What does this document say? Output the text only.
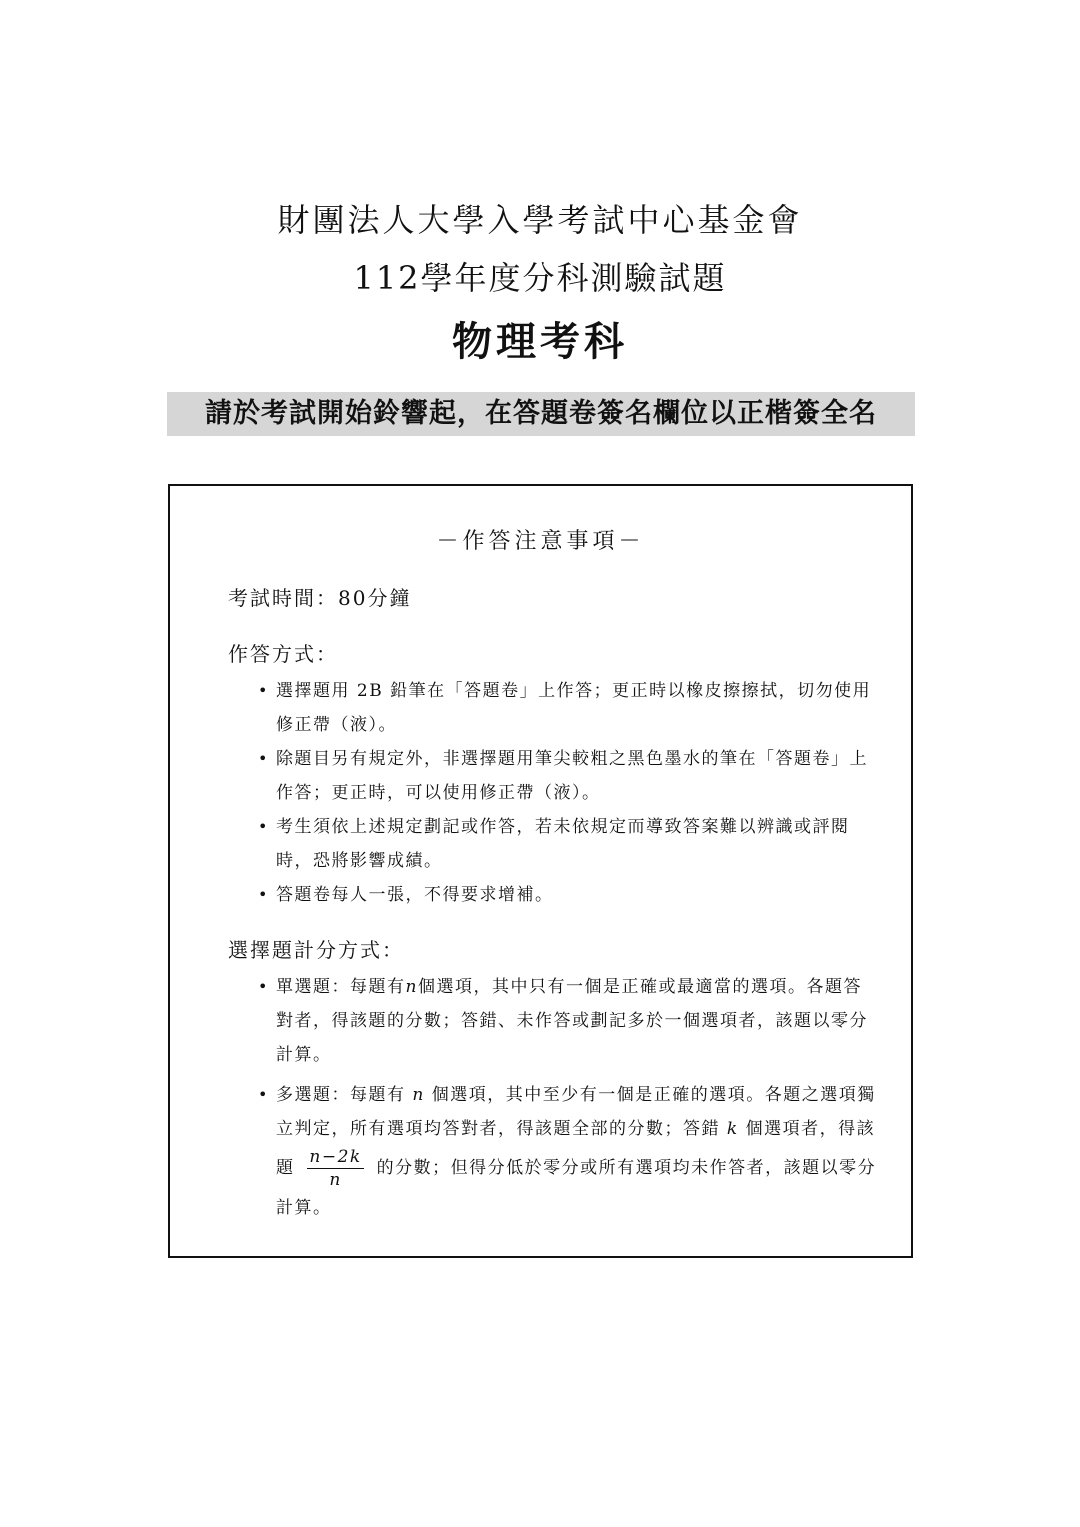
財團法人大學入學考試中心基金會
112學年度分科測驗試題
物理考科
請於考試開始鈴響起，在答題卷簽名欄位以正楷簽全名
－作答注意事項－
考試時間：80分鐘
作答方式：
• 選擇題用 2B 鉛筆在「答題卷」上作答；更正時以橡皮擦擦拭，切勿使用修正帶（液）。
• 除題目另有規定外，非選擇題用筆尖較粗之黑色墨水的筆在「答題卷」上作答；更正時，可以使用修正帶（液）。
• 考生須依上述規定劃記或作答，若未依規定而導致答案難以辨識或評閱時，恐將影響成績。
• 答題卷每人一張，不得要求增補。
選擇題計分方式：
• 單選題：每題有n個選項，其中只有一個是正確或最適當的選項。各題答對者，得該題的分數；答錯、未作答或劃記多於一個選項者，該題以零分計算。
• 多選題：每題有 n 個選項，其中至少有一個是正確的選項。各題之選項獨立判定，所有選項均答對者，得該題全部的分數；答錯 k 個選項者，得該題 $\frac{n-2k}{n}$ 的分數；但得分低於零分或所有選項均未作答者，該題以零分計算。
